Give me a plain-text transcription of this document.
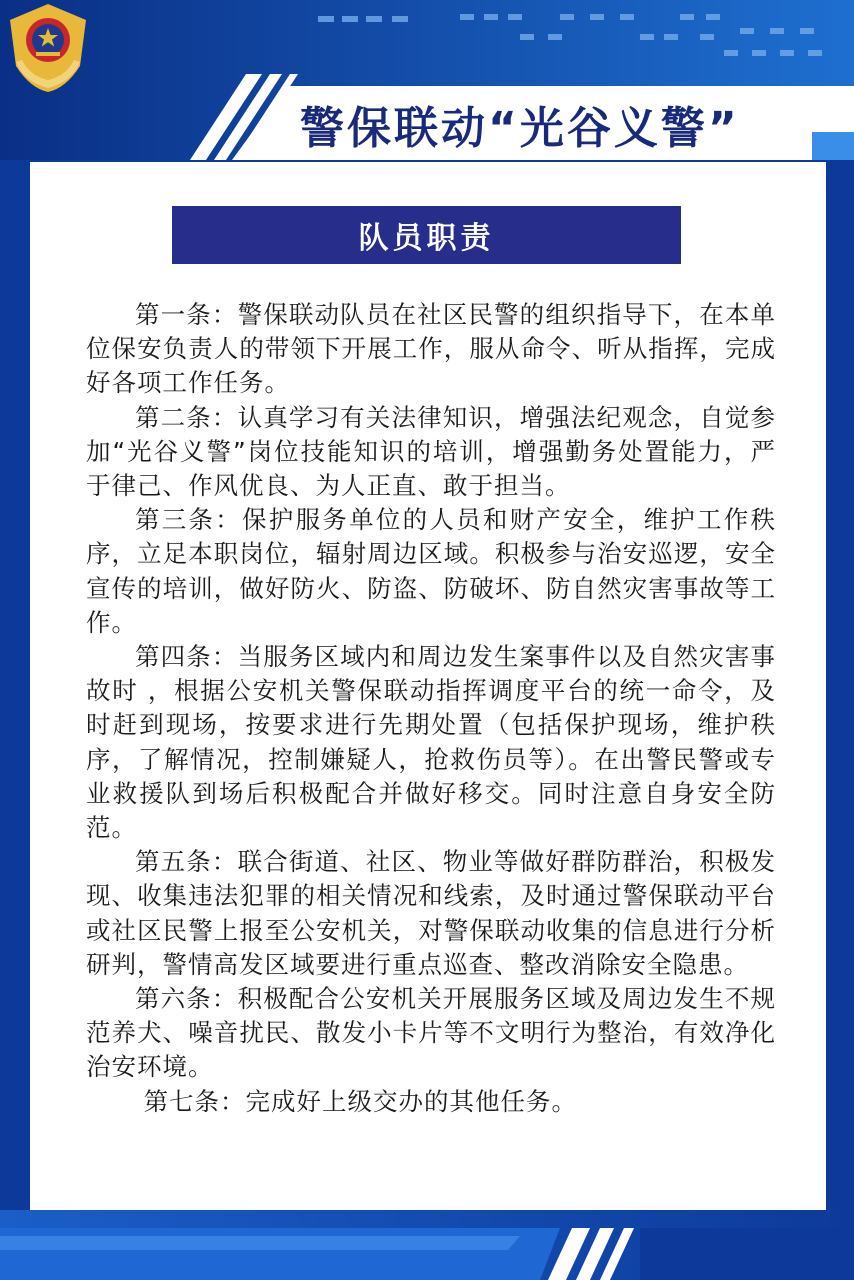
警保联动“光谷义警”
队员职责

第一条：警保联动队员在社区民警的组织指导下，在本单位保安负责人的带领下开展工作，服从命令、听从指挥，完成好各项工作任务。

第二条：认真学习有关法律知识，增强法纪观念，自觉参加“光谷义警”岗位技能知识的培训，增强勤务处置能力，严于律己、作风优良、为人正直、敢于担当。

第三条：保护服务单位的人员和财产安全，维护工作秩序，立足本职岗位，辐射周边区域。积极参与治安巡逻，安全宣传的培训，做好防火、防盗、防破坏、防自然灾害事故等工作。

第四条：当服务区域内和周边发生案事件以及自然灾害事故时 ，根据公安机关警保联动指挥调度平台的统一命令，及时赶到现场，按要求进行先期处置（包括保护现场，维护秩序，了解情况，控制嫌疑人，抢救伤员等）。在出警民警或专业救援队到场后积极配合并做好移交。同时注意自身安全防范。

第五条：联合街道、社区、物业等做好群防群治，积极发现、收集违法犯罪的相关情况和线索，及时通过警保联动平台或社区民警上报至公安机关，对警保联动收集的信息进行分析研判，警情高发区域要进行重点巡查、整改消除安全隐患。

第六条：积极配合公安机关开展服务区域及周边发生不规范养犬、噪音扰民、散发小卡片等不文明行为整治，有效净化治安环境。

第七条：完成好上级交办的其他任务。
